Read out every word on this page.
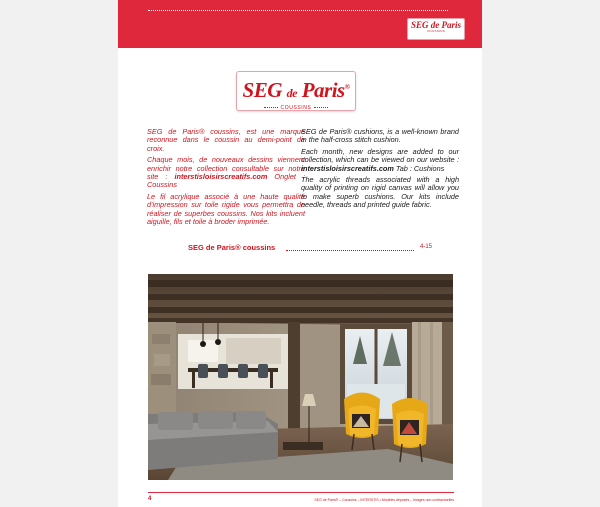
SEG de Paris
COUSSINS
SEG de Paris®
COUSSINS

SEG de Paris® coussins, est une marque reconnue dans le coussin au demi-point de croix.

Chaque mois, de nouveaux dessins viennent enrichir notre collection consultable sur notre site : interstisloisirscreatifs.com Onglet : Coussins

Le fil acrylique associé à une haute qualité d'impression sur toile rigide vous permettra de réaliser de superbes coussins. Nos kits incluent aiguille, fils et toile à broder imprimée.

SEG de Paris® cushions, is a well-known brand in the half-cross stitch cushion.

Each month, new designs are added to our collection, which can be viewed on our website : interstisloisirscreatifs.com Tab : Cushions

The acrylic threads associated with a high quality of printing on rigid canvas will allow you to make superb cushions. Our kits include needle, threads and printed guide fabric.

SEG de Paris® coussins	4-15
4	SEG de Paris® – Coussins – INTERSTIS • Modèles déposés – Images non contractuelles
